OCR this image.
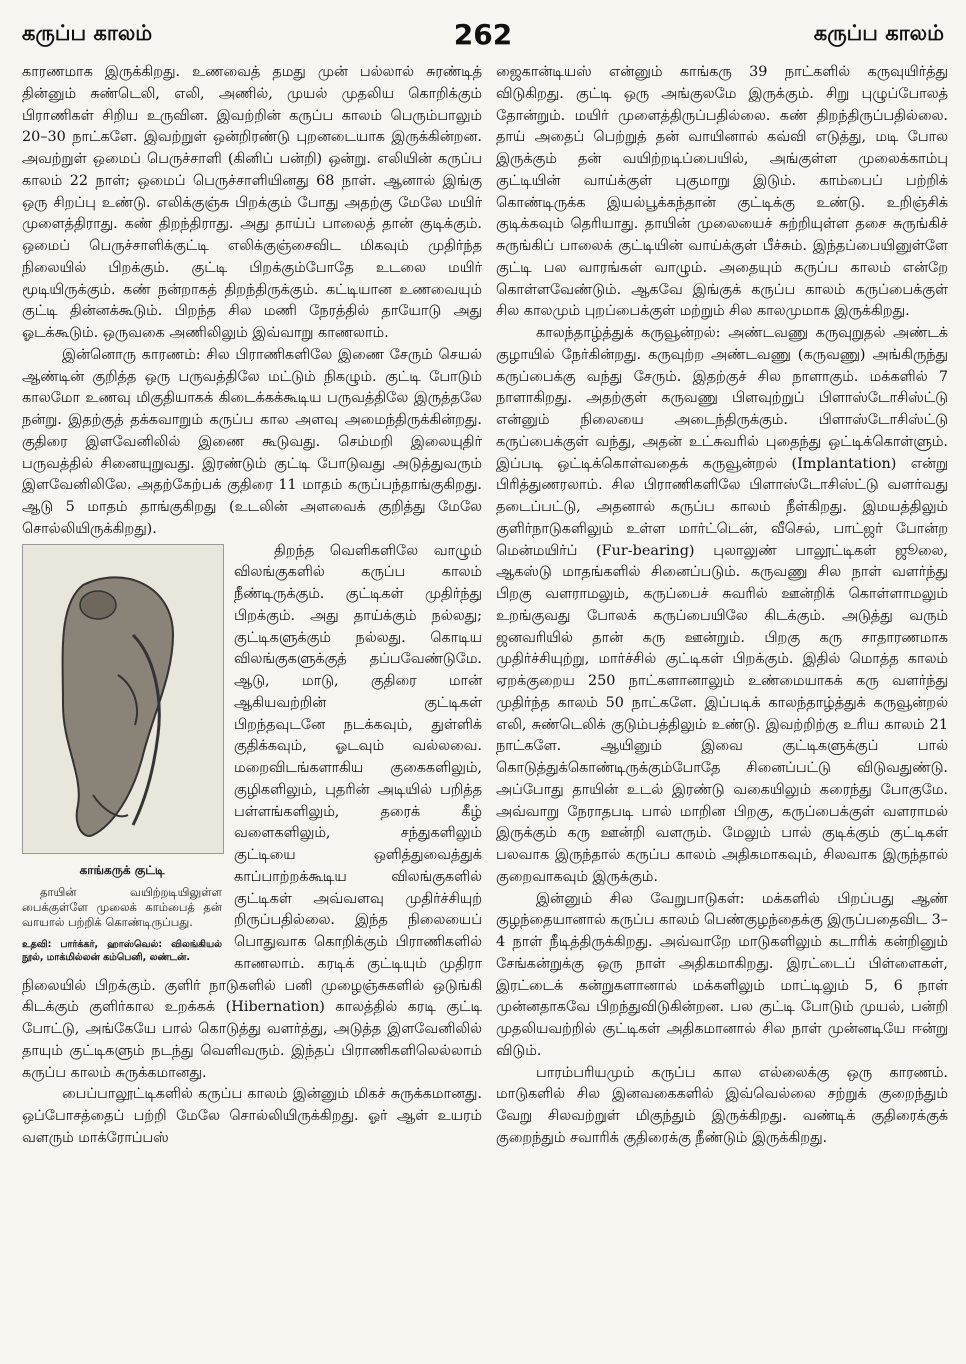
கருப்ப காலம்	262	கருப்ப காலம்

காரணமாக இருக்கிறது. உணவைத் தமது முன் பல்லால் சுரண்டித் தின்னும் சுண்டெலி, எலி, அணில், முயல் முதலிய கொறிக்கும் பிராணிகள் சிறிய உருவின. இவற்றின் கருப்ப காலம் பெரும்பாலும் 20–30 நாட்களே. இவற்றுள் ஒன்றிரண்டு புறனடையாக இருக்கின்றன. அவற்றுள் ஒமைப் பெருச்சாளி (கினிப் பன்றி) ஒன்று. எலியின் கருப்ப காலம் 22 நாள்; ஒமைப் பெருச்சாளியினது 68 நாள். ஆனால் இங்கு ஒரு சிறப்பு உண்டு. எலிக்குஞ்சு பிறக்கும் போது அதற்கு மேலே மயிர் முளைத்திராது. கண் திறந்திராது. அது தாய்ப் பாலைத் தான் குடிக்கும். ஒமைப் பெருச்சாளிக்குட்டி எலிக்குஞ்சைவிட மிகவும் முதிர்ந்த நிலையில் பிறக்கும். குட்டி பிறக்கும்போதே உடலை மயிர் மூடியிருக்கும். கண் நன்றாகத் திறந்திருக்கும். கட்டியான உணவையும் குட்டி தின்னக்கூடும். பிறந்த சில மணி நேரத்தில் தாயோடு அது ஓடக்கூடும். ஒருவகை அணிலிலும் இவ்வாறு காணலாம்.

இன்னொரு காரணம்: சில பிராணிகளிலே இணை சேரும் செயல் ஆண்டின் குறித்த ஒரு பருவத்திலே மட்டும் நிகழும். குட்டி போடும் காலமோ உணவு மிகுதியாகக் கிடைக்கக்கூடிய பருவத்திலே இருத்தலே நன்று. இதற்குத் தக்கவாறும் கருப்ப கால அளவு அமைந்திருக்கின்றது. குதிரை இளவேனிலில் இணை கூடுவது. செம்மறி இலையுதிர் பருவத்தில் சினையுறுவது. இரண்டும் குட்டி போடுவது அடுத்துவரும் இளவேனிலிலே. அதற்கேற்பக் குதிரை 11 மாதம் கருப்பந்தாங்குகிறது. ஆடு 5 மாதம் தாங்குகிறது (உடலின் அளவைக் குறித்து மேலே சொல்லியிருக்கிறது).

காங்கருக் குட்டி
தாயின் வயிற்றடியிலுள்ள பைக்குள்ளே முலைக் காம்பைத் தன் வாயால் பற்றிக் கொண்டிருப்பது.
உதவி: பார்க்கர், ஹாஸ்வெல்: விலங்கியல் நூல், மாக்மில்லன் கம்பெனி, லண்டன்.

திறந்த வெளிகளிலே வாழும் விலங்குகளில் கருப்ப காலம் நீண்டிருக்கும். குட்டிகள் முதிர்ந்து பிறக்கும். அது தாய்க்கும் நல்லது; குட்டிகளுக்கும் நல்லது. கொடிய விலங்குகளுக்குத் தப்பவேண்டுமே. ஆடு, மாடு, குதிரை மான் ஆகியவற்றின் குட்டிகள் பிறந்தவுடனே நடக்கவும், துள்ளிக் குதிக்கவும், ஓடவும் வல்லவை. மறைவிடங்களாகிய குகைகளிலும், குழிகளிலும், புதரின் அடியில் பறித்த பள்ளங்களிலும், தரைக் கீழ் வளைகளிலும், சந்துகளிலும் குட்டியை ஒளித்துவைத்துக் காப்பாற்றக்கூடிய விலங்குகளில் குட்டிகள் அவ்வளவு முதிர்ச்சியுற் றிருப்பதில்லை. இந்த நிலையைப் பொதுவாக கொறிக்கும் பிராணிகளில் காணலாம். கரடிக் குட்டியும் முதிரா நிலையில் பிறக்கும். குளிர் நாடுகளில் பனி முழைஞ்சுகளில் ஒடுங்கி கிடக்கும் குளிர்கால உறக்கக் (Hibernation) காலத்தில் கரடி குட்டி போட்டு, அங்கேயே பால் கொடுத்து வளர்த்து, அடுத்த இளவேனிலில் தாயும் குட்டிகளும் நடந்து வெளிவரும். இந்தப் பிராணிகளிலெல்லாம் கருப்ப காலம் சுருக்கமானது.

பைப்பாலூட்டிகளில் கருப்ப காலம் இன்னும் மிகச் சுருக்கமானது. ஒப்போசத்தைப் பற்றி மேலே சொல்லியிருக்கிறது. ஓர் ஆள் உயரம் வளரும் மாக்ரோப்பஸ்

ஜைகான்டியஸ் என்னும் காங்கரு 39 நாட்களில் கருவுயிர்த்து விடுகிறது. குட்டி ஒரு அங்குலமே இருக்கும். சிறு புழுப்போலத் தோன்றும். மயிர் முளைத்திருப்பதில்லை. கண் திறந்திருப்பதில்லை. தாய் அதைப் பெற்றுத் தன் வாயினால் கவ்வி எடுத்து, மடி போல இருக்கும் தன் வயிற்றடிப்பையில், அங்குள்ள முலைக்காம்பு குட்டியின் வாய்க்குள் புகுமாறு இடும். காம்பைப் பற்றிக் கொண்டிருக்க இயல்பூக்கந்தான் குட்டிக்கு உண்டு. உறிஞ்சிக் குடிக்கவும் தெரியாது. தாயின் முலையைச் சுற்றியுள்ள தசை சுருங்கிச் சுருங்கிப் பாலைக் குட்டியின் வாய்க்குள் பீச்சும். இந்தப்பையினுள்ளே குட்டி பல வாரங்கள் வாழும். அதையும் கருப்ப காலம் என்றே கொள்ளவேண்டும். ஆகவே இங்குக் கருப்ப காலம் கருப்பைக்குள் சில காலமும் புறப்பைக்குள் மற்றும் சில காலமுமாக இருக்கிறது.

காலந்தாழ்த்துக் கருவூன்றல்: அண்டவணு கருவுறுதல் அண்டக் குழாயில் நேர்கின்றது. கருவுற்ற அண்டவணு (கருவணு) அங்கிருந்து கருப்பைக்கு வந்து சேரும். இதற்குச் சில நாளாகும். மக்களில் 7 நாளாகிறது. அதற்குள் கருவணு பிளவுற்றுப் பிளாஸ்டோசிஸ்ட்டு என்னும் நிலையை அடைந்திருக்கும். பிளாஸ்டோசிஸ்ட்டு கருப்பைக்குள் வந்து, அதன் உட்சுவரில் புதைந்து ஒட்டிக்கொள்ளும். இப்படி ஒட்டிக்கொள்வதைக் கருவூன்றல் (Implantation) என்று பிரித்துணரலாம். சில பிராணிகளிலே பிளாஸ்டோசிஸ்ட்டு வளர்வது தடைப்பட்டு, அதனால் கருப்ப காலம் நீள்கிறது. இமயத்திலும் குளிர்நாடுகளிலும் உள்ள மார்ட்டென், வீசெல், பாட்ஜர் போன்ற மென்மயிர்ப் (Fur-bearing) புலாலுண் பாலூட்டிகள் ஜூலை, ஆகஸ்டு மாதங்களில் சினைப்படும். கருவணு சில நாள் வளர்ந்து பிறகு வளராமலும், கருப்பைச் சுவரில் ஊன்றிக் கொள்ளாமலும் உறங்குவது போலக் கருப்பையிலே கிடக்கும். அடுத்து வரும் ஜனவரியில் தான் கரு ஊன்றும். பிறகு கரு சாதாரணமாக முதிர்ச்சியுற்று, மார்ச்சில் குட்டிகள் பிறக்கும். இதில் மொத்த காலம் ஏறக்குறைய 250 நாட்களானாலும் உண்மையாகக் கரு வளர்ந்து முதிர்ந்த காலம் 50 நாட்களே. இப்படிக் காலந்தாழ்த்துக் கருவூன்றல் எலி, சுண்டெலிக் குடும்பத்திலும் உண்டு. இவற்றிற்கு உரிய காலம் 21 நாட்களே. ஆயினும் இவை குட்டிகளுக்குப் பால் கொடுத்துக்கொண்டிருக்கும்போதே சினைப்பட்டு விடுவதுண்டு. அப்போது தாயின் உடல் இரண்டு வகையிலும் கரைந்து போகுமே. அவ்வாறு நேராதபடி பால் மாறின பிறகு, கருப்பைக்குள் வளராமல் இருக்கும் கரு ஊன்றி வளரும். மேலும் பால் குடிக்கும் குட்டிகள் பலவாக இருந்தால் கருப்ப காலம் அதிகமாகவும், சிலவாக இருந்தால் குறைவாகவும் இருக்கும்.

இன்னும் சில வேறுபாடுகள்: மக்களில் பிறப்பது ஆண் குழந்தையானால் கருப்ப காலம் பெண்குழந்தைக்கு இருப்பதைவிட 3–4 நாள் நீடித்திருக்கிறது. அவ்வாறே மாடுகளிலும் கடாரிக் கன்றினும் சேங்கன்றுக்கு ஒரு நாள் அதிகமாகிறது. இரட்டைப் பிள்ளைகள், இரட்டைக் கன்றுகளானால் மக்களிலும் மாட்டிலும் 5, 6 நாள் முன்னதாகவே பிறந்துவிடுகின்றன. பல குட்டி போடும் முயல், பன்றி முதலியவற்றில் குட்டிகள் அதிகமானால் சில நாள் முன்னடியே ஈன்று விடும்.

பாரம்பரியமும் கருப்ப கால எல்லைக்கு ஒரு காரணம். மாடுகளில் சில இனவகைகளில் இவ்வெல்லை சற்றுக் குறைந்தும் வேறு சிலவற்றுள் மிகுந்தும் இருக்கிறது. வண்டிக் குதிரைக்குக் குறைந்தும் சவாரிக் குதிரைக்கு நீண்டும் இருக்கிறது.
